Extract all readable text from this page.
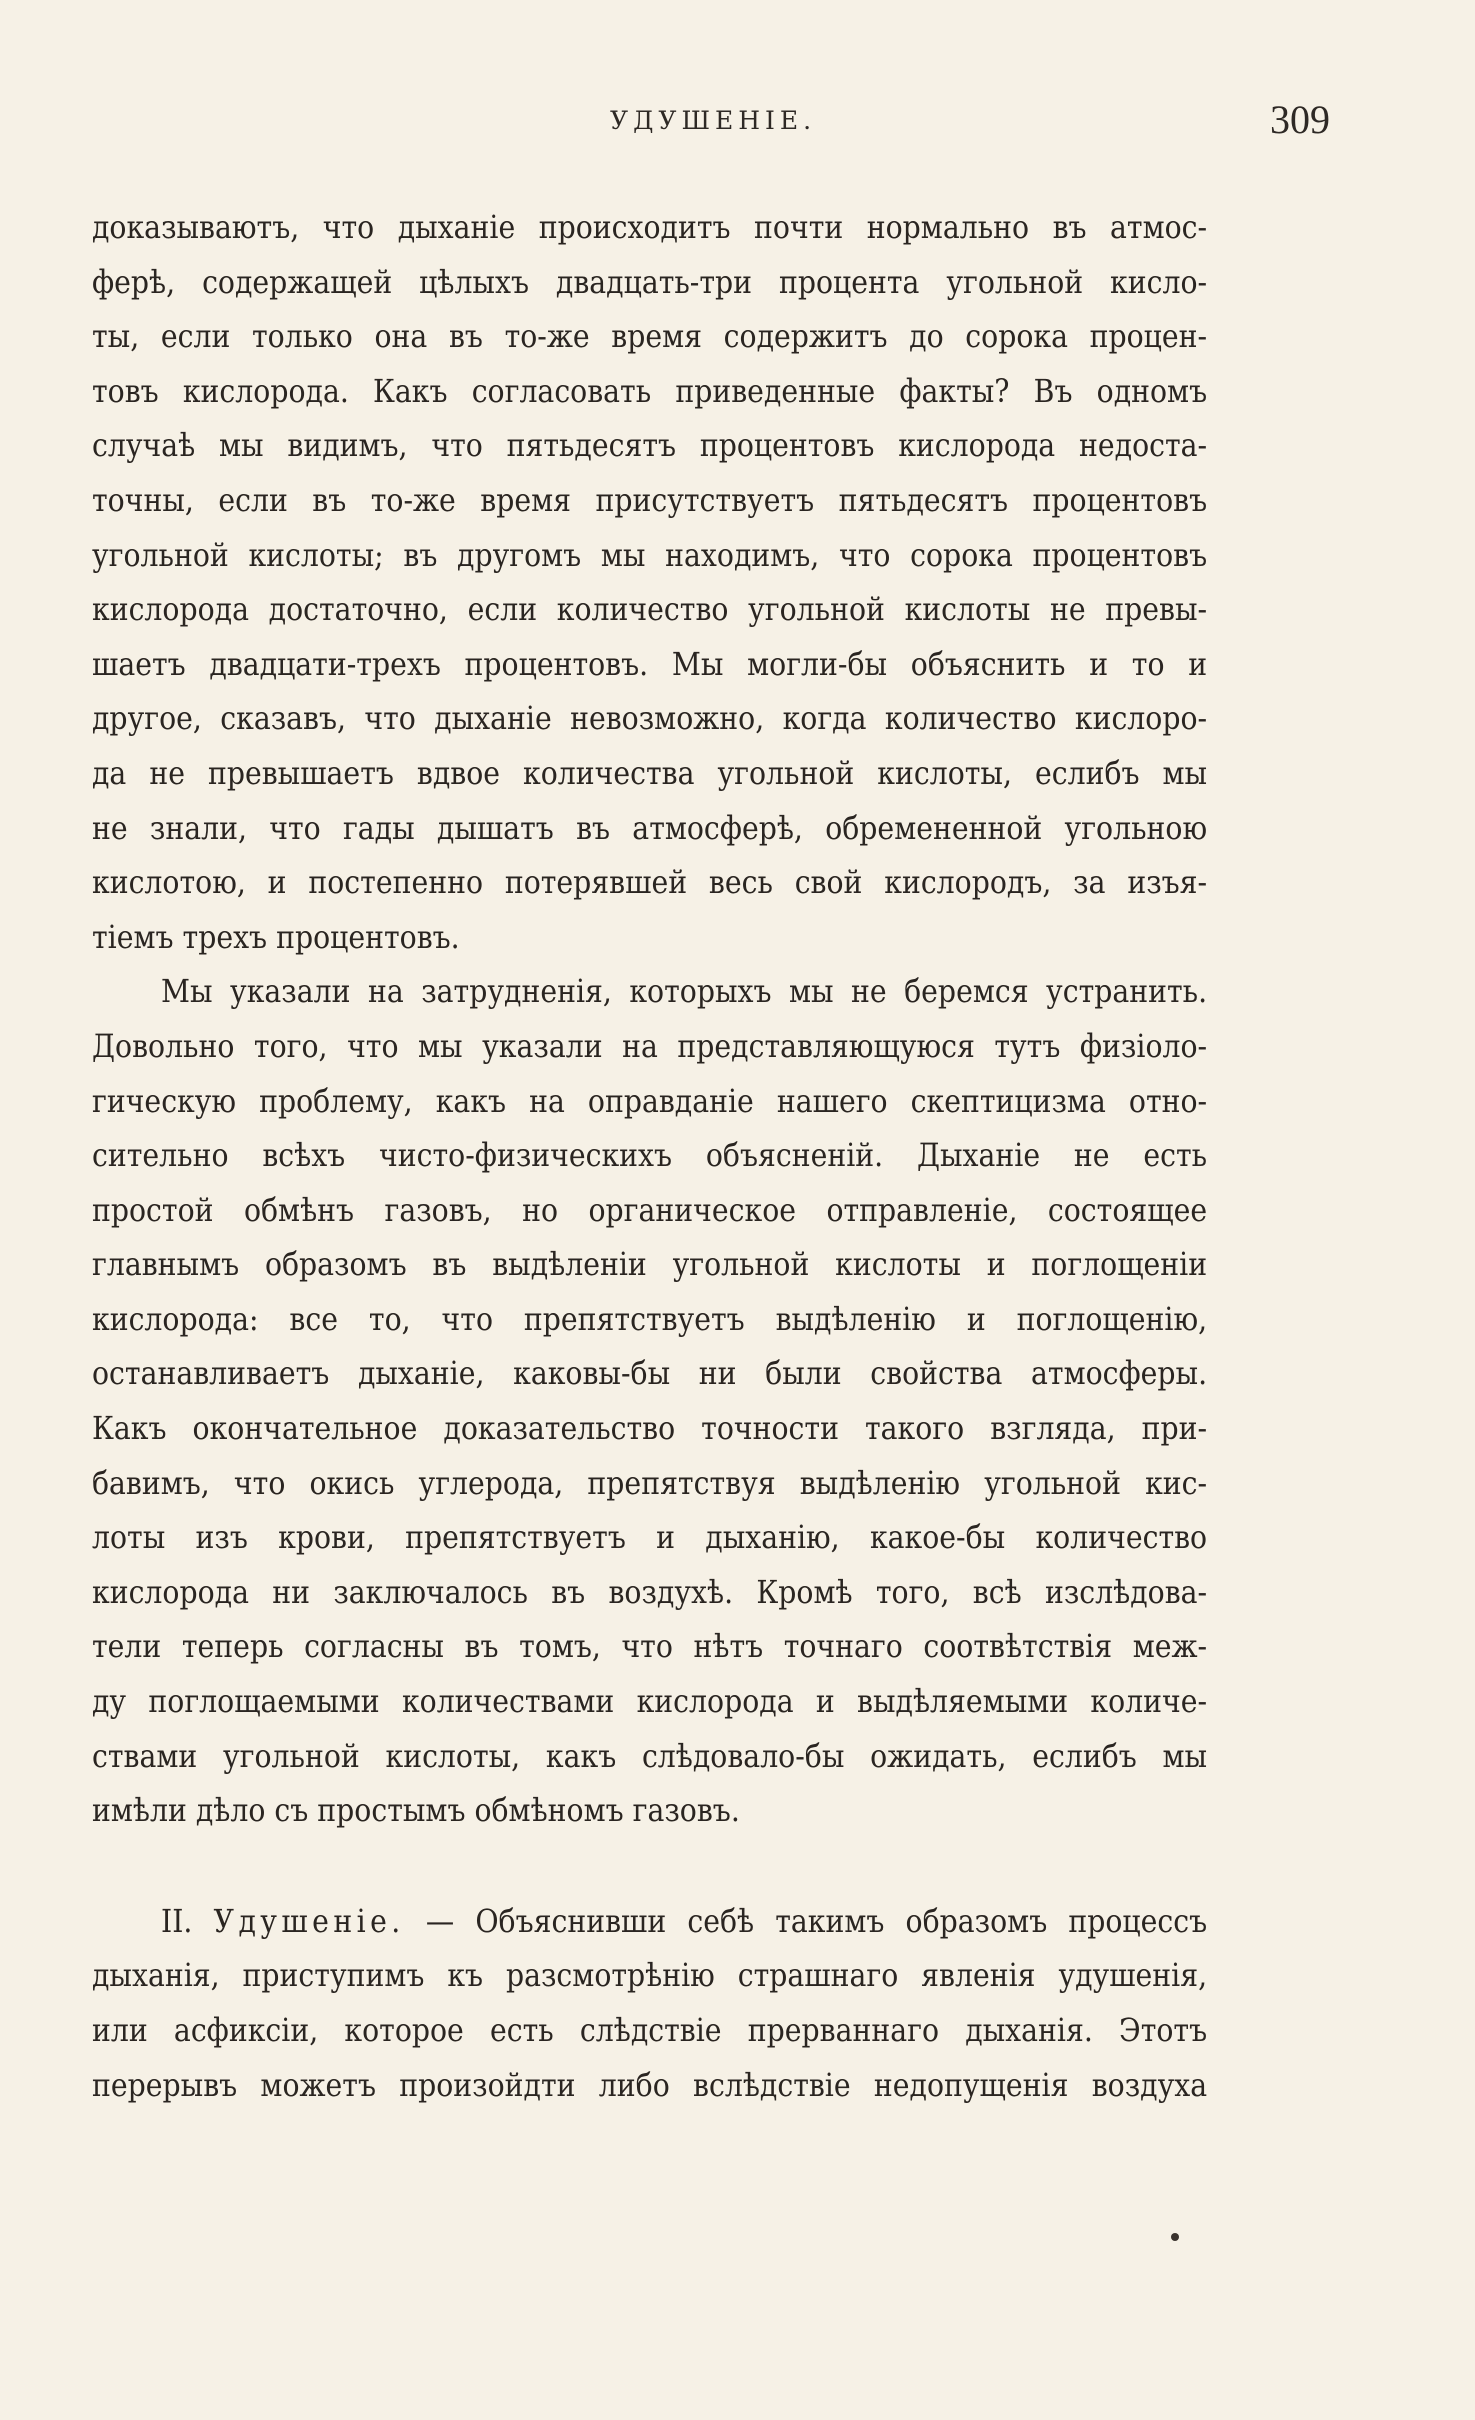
УДУШЕНIЕ.	309
доказываютъ, что дыханіе происходитъ почти нормально въ атмос-
ферѣ, содержащей цѣлыхъ двадцать-три процента угольной кисло-
ты, если только она въ то-же время содержитъ до сорока процен-
товъ кислорода. Какъ согласовать приведенные факты? Въ одномъ
случаѣ мы видимъ, что пятьдесятъ процентовъ кислорода недоста-
точны, если въ то-же время присутствуетъ пятьдесятъ процентовъ
угольной кислоты; въ другомъ мы находимъ, что сорока процентовъ
кислорода достаточно, если количество угольной кислоты не превы-
шаетъ двадцати-трехъ процентовъ. Мы могли-бы объяснить и то и
другое, сказавъ, что дыханіе невозможно, когда количество кислоро-
да не превышаетъ вдвое количества угольной кислоты, еслибъ мы
не знали, что гады дышатъ въ атмосферѣ, обремененной угольною
кислотою, и постепенно потерявшей весь свой кислородъ, за изъя-
тіемъ трехъ процентовъ.
Мы указали на затрудненія, которыхъ мы не беремся устранить.
Довольно того, что мы указали на представляющуюся тутъ физіоло-
гическую проблему, какъ на оправданіе нашего скептицизма отно-
сительно всѣхъ чисто-физическихъ объясненій. Дыханіе не есть
простой обмѣнъ газовъ, но органическое отправленіе, состоящее
главнымъ образомъ въ выдѣленіи угольной кислоты и поглощеніи
кислорода: все то, что препятствуетъ выдѣленію и поглощенію,
останавливаетъ дыханіе, каковы-бы ни были свойства атмосферы.
Какъ окончательное доказательство точности такого взгляда, при-
бавимъ, что окись углерода, препятствуя выдѣленію угольной кис-
лоты изъ крови, препятствуетъ и дыханію, какое-бы количество
кислорода ни заключалось въ воздухѣ. Кромѣ того, всѣ изслѣдова-
тели теперь согласны въ томъ, что нѣтъ точнаго соотвѣтствія меж-
ду поглощаемыми количествами кислорода и выдѣляемыми количе-
ствами угольной кислоты, какъ слѣдовало-бы ожидать, еслибъ мы
имѣли дѣло съ простымъ обмѣномъ газовъ.
II. Удушеніе. — Объяснивши себѣ такимъ образомъ процессъ
дыханія, приступимъ къ разсмотрѣнію страшнаго явленія удушенія,
или асфиксіи, которое есть слѣдствіе прерваннаго дыханія. Этотъ
перерывъ можетъ произойдти либо вслѣдствіе недопущенія воздуха
